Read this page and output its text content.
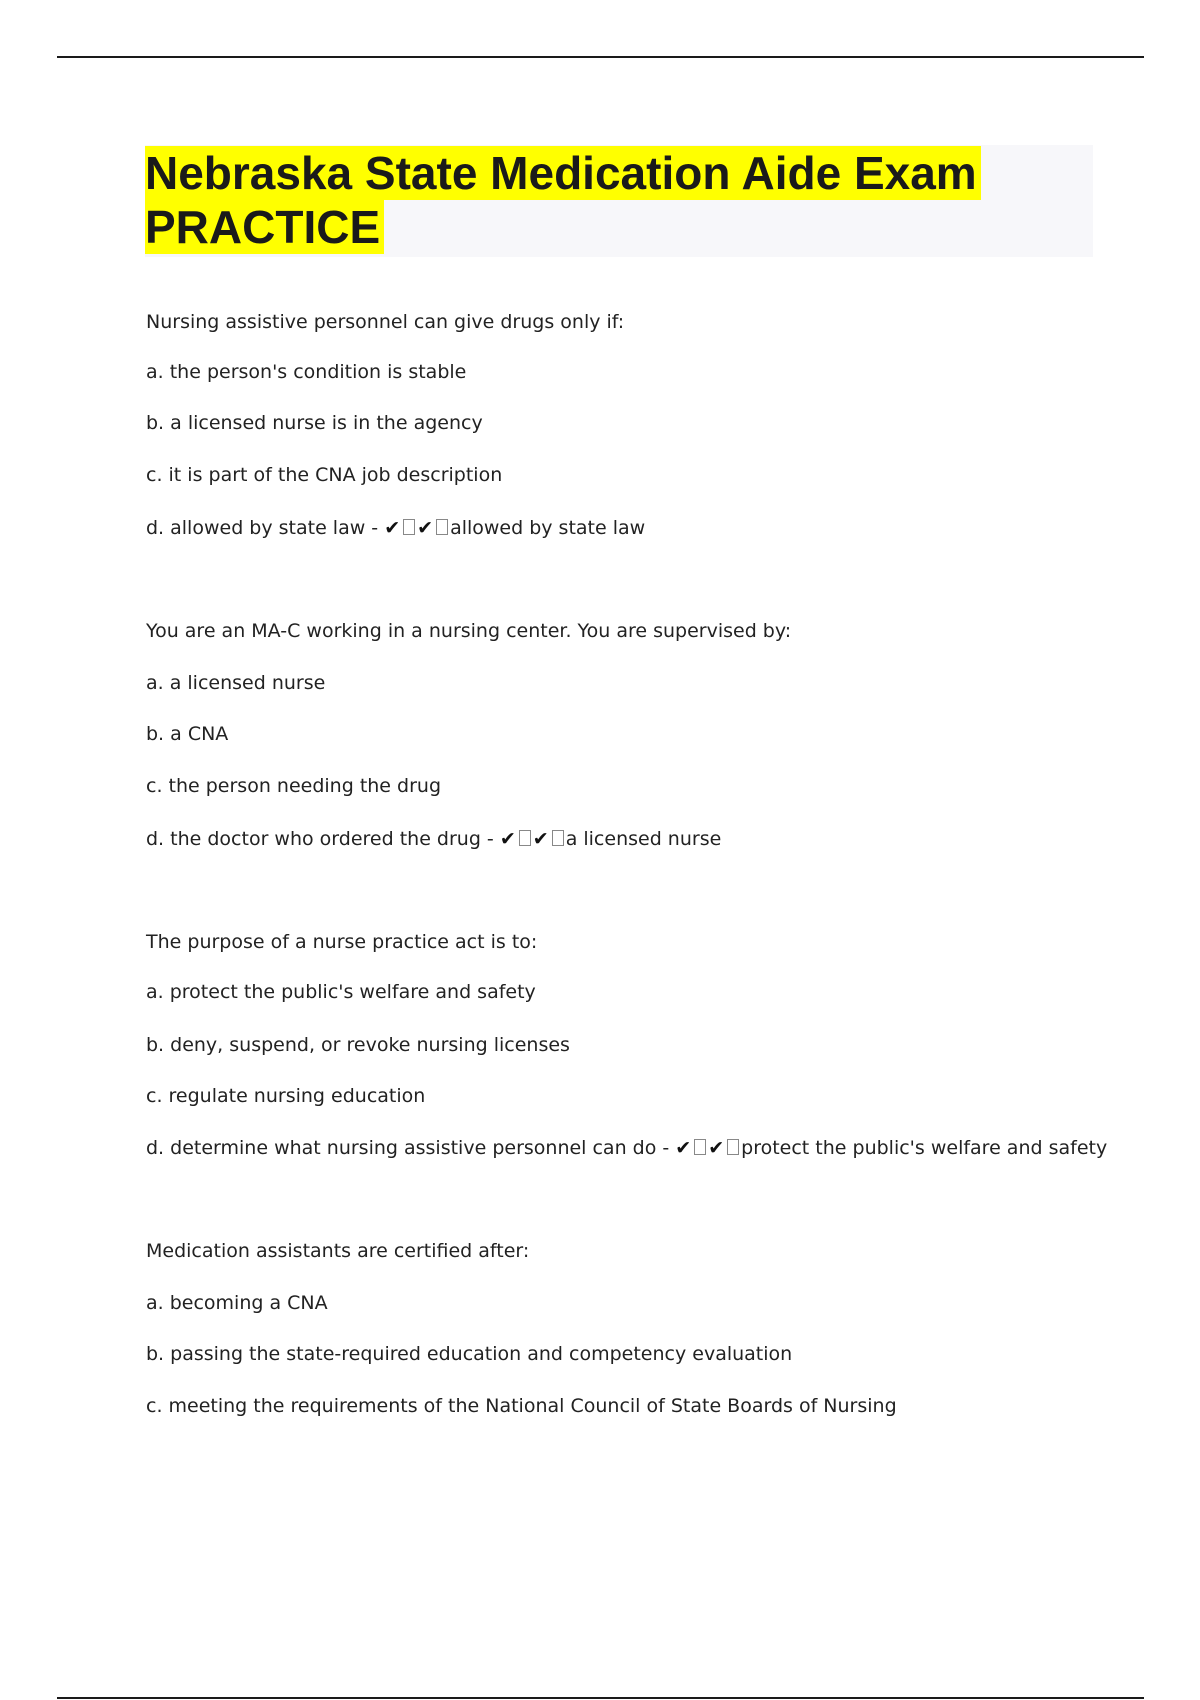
Nebraska State Medication Aide Exam
PRACTICE
Nursing assistive personnel can give drugs only if:
a. the person's condition is stable
b. a licensed nurse is in the agency
c. it is part of the CNA job description
d. allowed by state law - ✔ ✔ allowed by state law
You are an MA-C working in a nursing center. You are supervised by:
a. a licensed nurse
b. a CNA
c. the person needing the drug
d. the doctor who ordered the drug - ✔ ✔ a licensed nurse
The purpose of a nurse practice act is to:
a. protect the public's welfare and safety
b. deny, suspend, or revoke nursing licenses
c. regulate nursing education
d. determine what nursing assistive personnel can do - ✔ ✔ protect the public's welfare and safety
Medication assistants are certified after:
a. becoming a CNA
b. passing the state-required education and competency evaluation
c. meeting the requirements of the National Council of State Boards of Nursing
